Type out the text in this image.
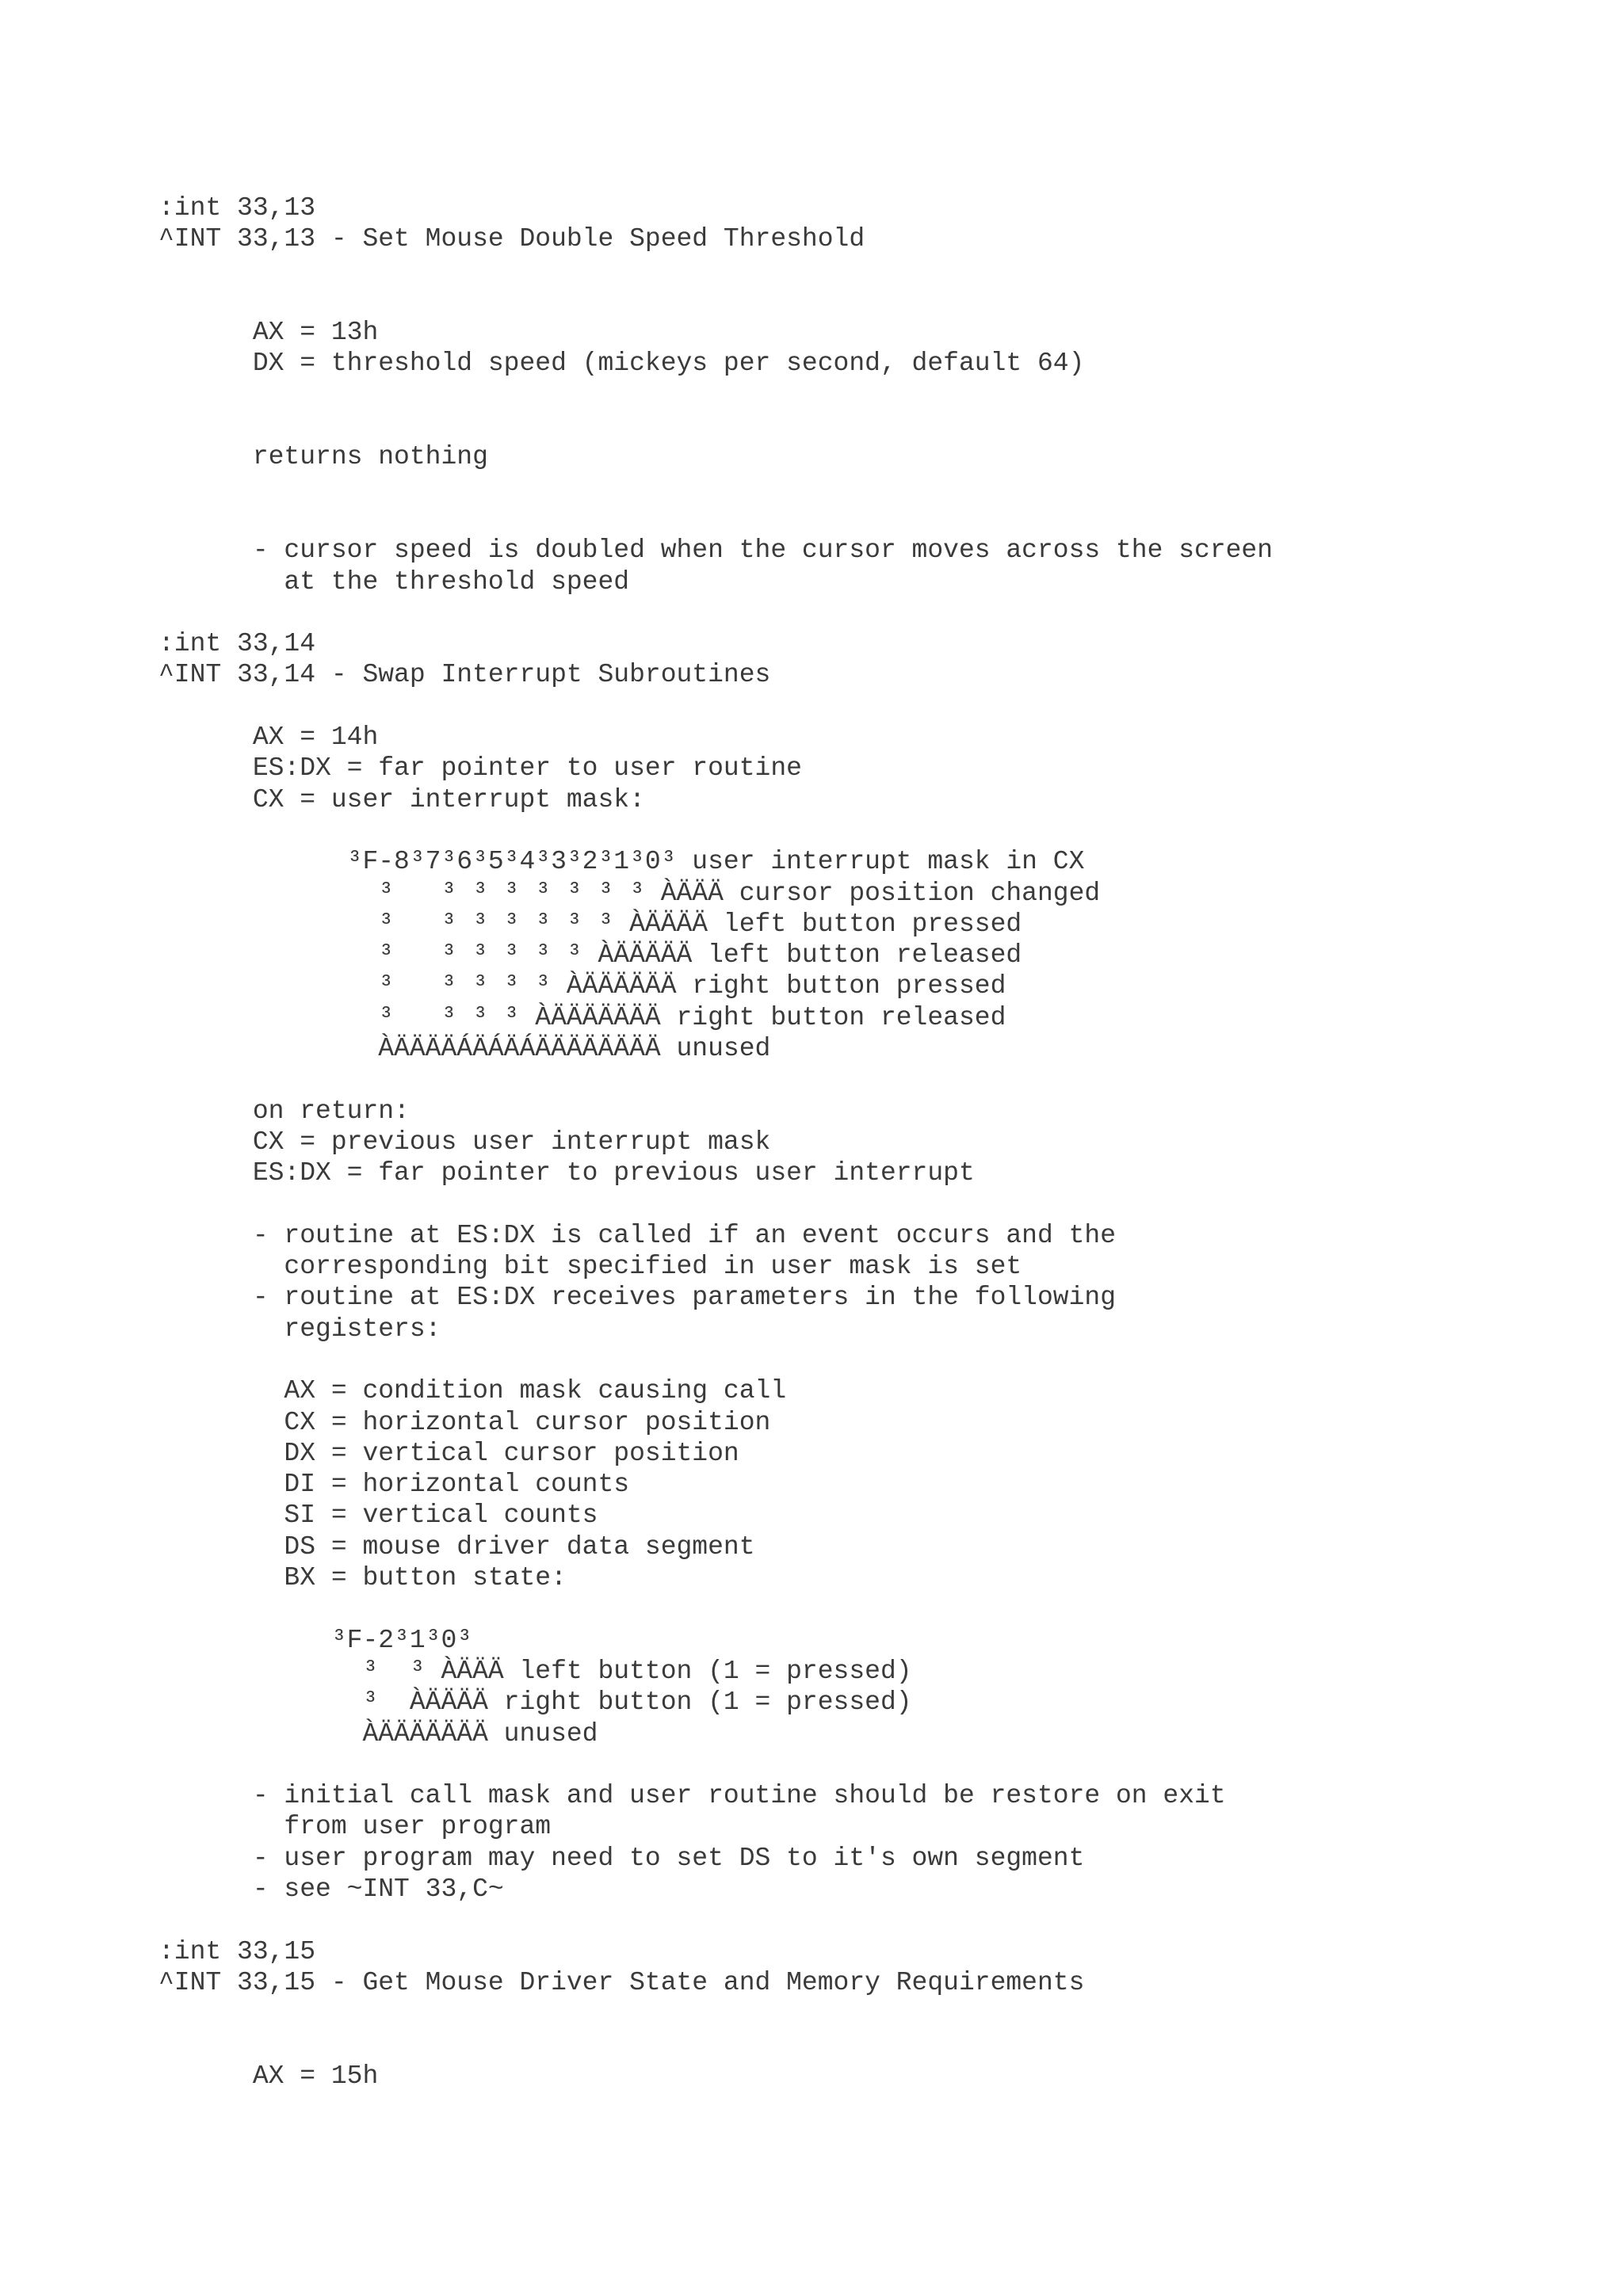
:int 33,13
^INT 33,13 - Set Mouse Double Speed Threshold

AX = 13h
DX = threshold speed (mickeys per second, default 64)

returns nothing

- cursor speed is doubled when the cursor moves across the screen
at the threshold speed

:int 33,14
^INT 33,14 - Swap Interrupt Subroutines

AX = 14h
ES:DX = far pointer to user routine
CX = user interrupt mask:

³F-8³7³6³5³4³3³2³1³0³ user interrupt mask in CX
³   ³ ³ ³ ³ ³ ³ ³ ÀÄÄÄ cursor position changed
³   ³ ³ ³ ³ ³ ³ ÀÄÄÄÄ left button pressed
³   ³ ³ ³ ³ ³ ÀÄÄÄÄÄ left button released
³   ³ ³ ³ ³ ÀÄÄÄÄÄÄ right button pressed
³   ³ ³ ³ ÀÄÄÄÄÄÄÄ right button released
ÀÄÄÄÄÁÄÁÄÁÄÄÄÄÄÄÄÄ unused

on return:
CX = previous user interrupt mask
ES:DX = far pointer to previous user interrupt

- routine at ES:DX is called if an event occurs and the
corresponding bit specified in user mask is set
- routine at ES:DX receives parameters in the following
registers:

AX = condition mask causing call
CX = horizontal cursor position
DX = vertical cursor position
DI = horizontal counts
SI = vertical counts
DS = mouse driver data segment
BX = button state:

³F-2³1³0³
³  ³ ÀÄÄÄ left button (1 = pressed)
³  ÀÄÄÄÄ right button (1 = pressed)
ÀÄÄÄÄÄÄÄ unused

- initial call mask and user routine should be restore on exit
from user program
- user program may need to set DS to it's own segment
- see ~INT 33,C~

:int 33,15
^INT 33,15 - Get Mouse Driver State and Memory Requirements

AX = 15h
